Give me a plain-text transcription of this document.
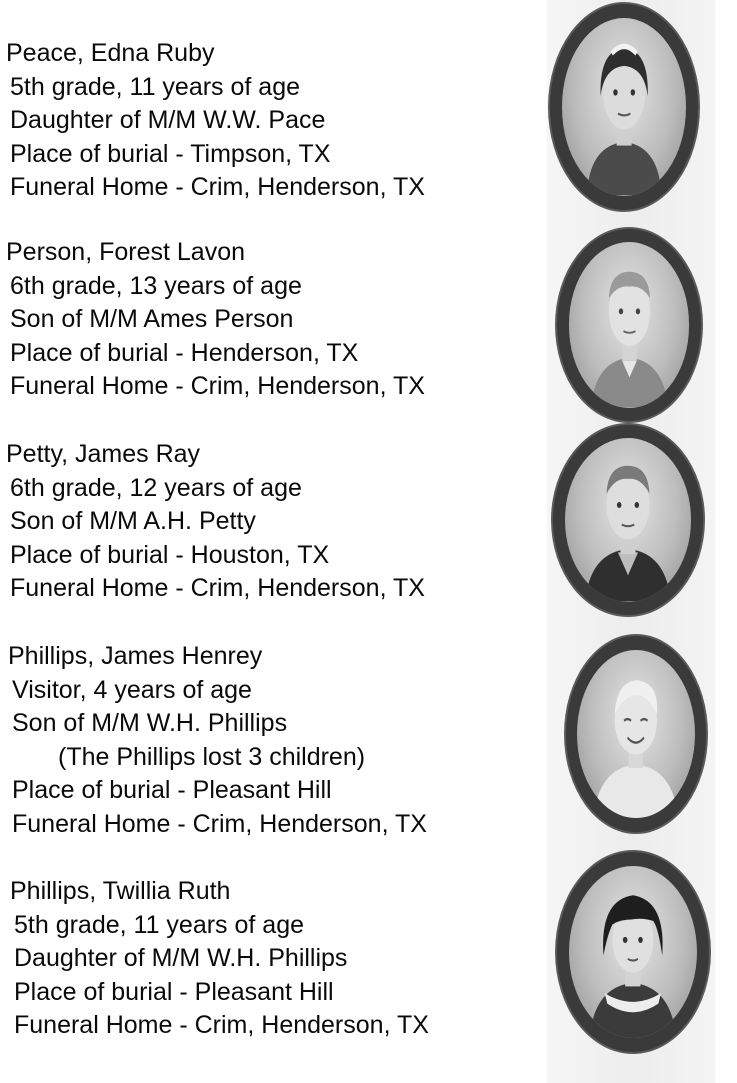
Peace, Edna Ruby
5th grade, 11 years of age
Daughter of M/M W.W. Pace
Place of burial - Timpson, TX
Funeral Home - Crim, Henderson, TX
Person, Forest Lavon
6th grade, 13 years of age
Son of M/M Ames Person
Place of burial - Henderson, TX
Funeral Home - Crim, Henderson, TX
Petty, James Ray
6th grade, 12 years of age
Son of M/M A.H. Petty
Place of burial - Houston, TX
Funeral Home - Crim, Henderson, TX
Phillips, James Henrey
Visitor, 4 years of age
Son of M/M W.H. Phillips
(The Phillips lost 3 children)
Place of burial - Pleasant Hill
Funeral Home - Crim, Henderson, TX
Phillips, Twillia Ruth
5th grade, 11 years of age
Daughter of M/M W.H. Phillips
Place of burial - Pleasant Hill
Funeral Home - Crim, Henderson, TX
